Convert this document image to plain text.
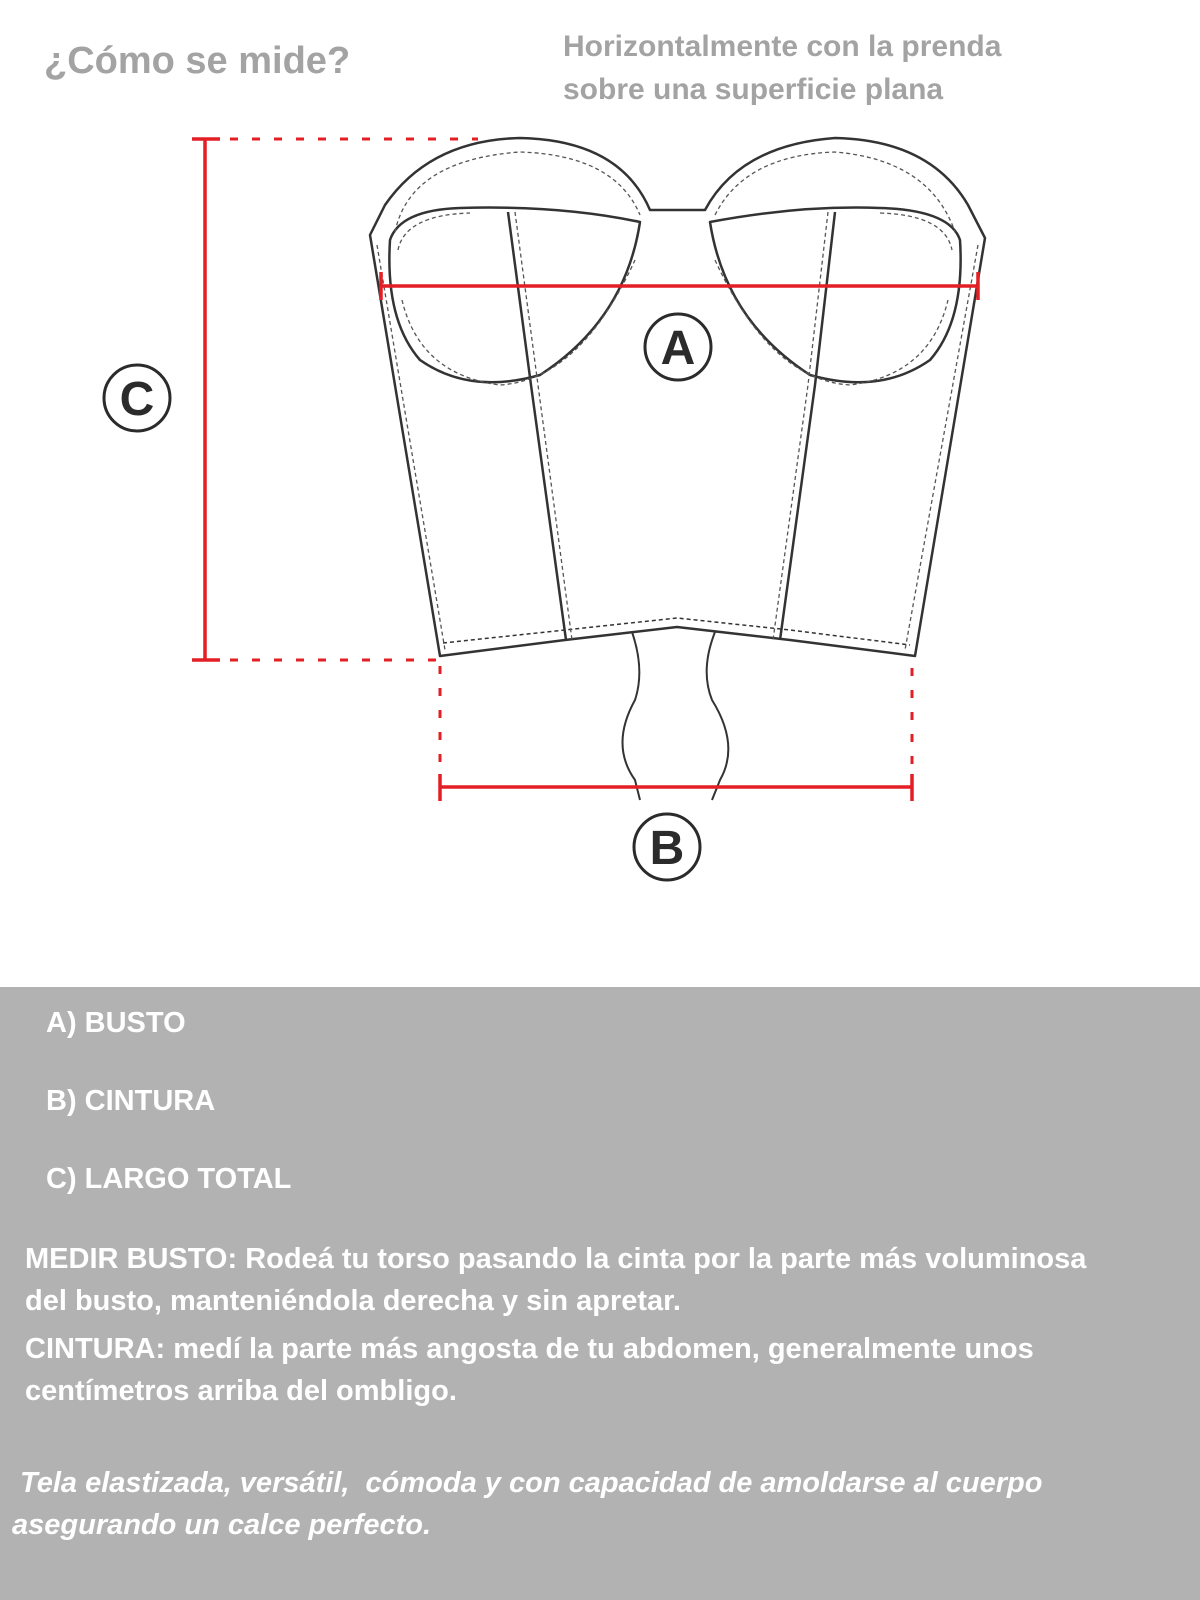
¿Cómo se mide?	Horizontalmente con la prenda
sobre una superficie plana
A
B
C
A) BUSTO
B) CINTURA
C) LARGO TOTAL
MEDIR BUSTO: Rodeá tu torso pasando la cinta por la parte más voluminosa
del busto, manteniéndola derecha y sin apretar.
CINTURA: medí la parte más angosta de tu abdomen, generalmente unos
centímetros arriba del ombligo.
Tela elastizada, versátil,  cómoda y con capacidad de amoldarse al cuerpo
asegurando un calce perfecto.
